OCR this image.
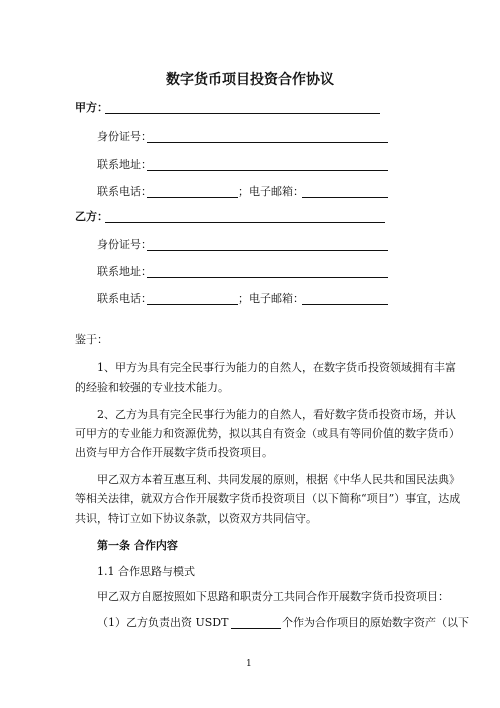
数字货币项目投资合作协议
甲方：
身份证号：
联系地址：
联系电话：	；电子邮箱：
乙方：
身份证号：
联系地址：
联系电话：	；电子邮箱：
鉴于：
1、甲方为具有完全民事行为能力的自然人，在数字货币投资领域拥有丰富
的经验和较强的专业技术能力。
2、乙方为具有完全民事行为能力的自然人，看好数字货币投资市场，并认
可甲方的专业能力和资源优势，拟以其自有资金（或具有等同价值的数字货币）
出资与甲方合作开展数字货币投资项目。
甲乙双方本着互惠互利、共同发展的原则，根据《中华人民共和国民法典》
等相关法律，就双方合作开展数字货币投资项目（以下简称“项目”）事宜，达成
共识，特订立如下协议条款，以资双方共同信守。
第一条 合作内容
1.1 合作思路与模式
甲乙双方自愿按照如下思路和职责分工共同合作开展数字货币投资项目：
（1）乙方负责出资 USDT	个作为合作项目的原始数字资产（以下
1
